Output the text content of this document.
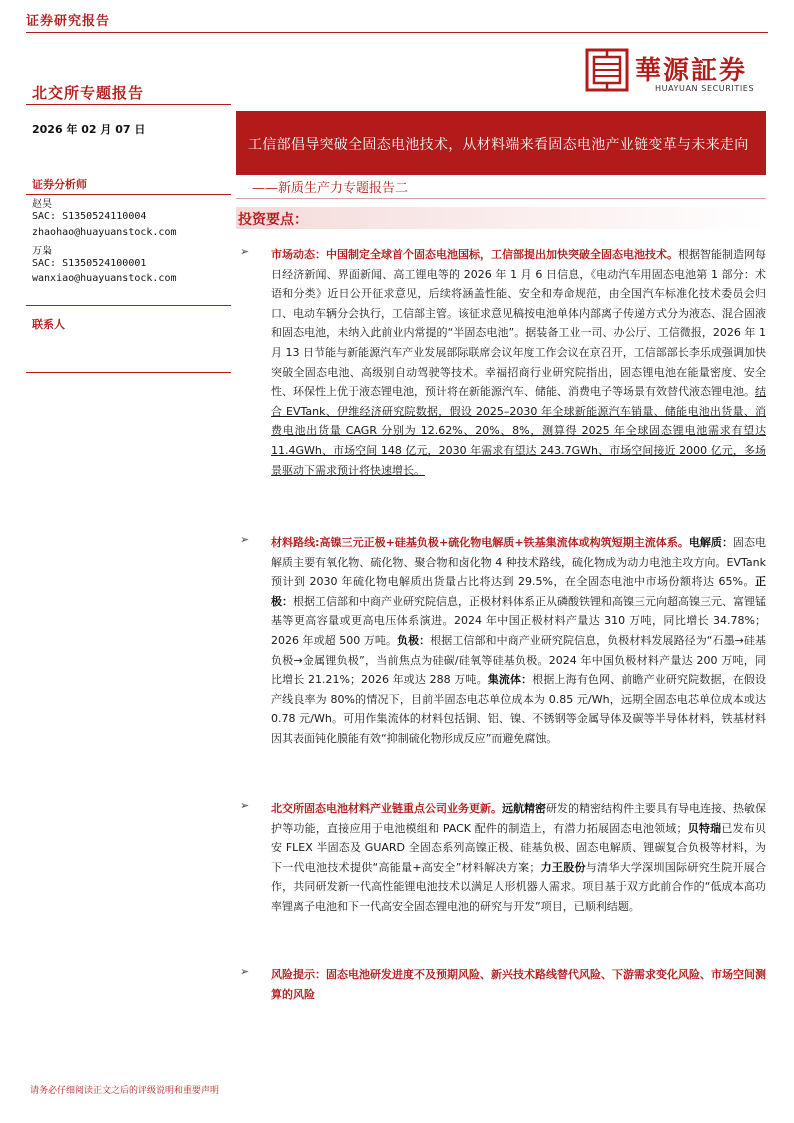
证券研究报告
華源証券
HUAYUAN SECURITIES
北交所专题报告
2026 年 02 月 07 日
工信部倡导突破全固态电池技术，从材料端来看固态电池产业链变革与未来走向
——新质生产力专题报告二
证券分析师
赵昊
SAC: S1350524110004
zhaohao@huayuanstock.com
万枭
SAC: S1350524100001
wanxiao@huayuanstock.com
联系人
投资要点：
➢ 市场动态：中国制定全球首个固态电池国标，工信部提出加快突破全固态电池技术。根据智能制造网每日经济新闻、界面新闻、高工锂电等的 2026 年 1 月 6 日信息，《电动汽车用固态电池第 1 部分：术语和分类》近日公开征求意见，后续将涵盖性能、安全和寿命规范，由全国汽车标准化技术委员会归口、电动车辆分会执行，工信部主管。该征求意见稿按电池单体内部离子传递方式分为液态、混合固液和固态电池，未纳入此前业内常提的“半固态电池”。据装备工业一司、办公厅、工信微报，2026 年 1 月 13 日节能与新能源汽车产业发展部际联席会议年度工作会议在京召开，工信部部长李乐成强调加快突破全固态电池、高级别自动驾驶等技术。幸福招商行业研究院指出，固态锂电池在能量密度、安全性、环保性上优于液态锂电池，预计将在新能源汽车、储能、消费电子等场景有效替代液态锂电池。结合 EVTank、伊维经济研究院数据，假设 2025–2030 年全球新能源汽车销量、储能电池出货量、消费电池出货量 CAGR 分别为 12.62%、20%、8%，测算得 2025 年全球固态锂电池需求有望达 11.4GWh、市场空间 148 亿元，2030 年需求有望达 243.7GWh、市场空间接近 2000 亿元，多场景驱动下需求预计将快速增长。
➢ 材料路线:高镍三元正极+硅基负极+硫化物电解质+铁基集流体或构筑短期主流体系。电解质：固态电解质主要有氧化物、硫化物、聚合物和卤化物 4 种技术路线，硫化物成为动力电池主攻方向。EVTank 预计到 2030 年硫化物电解质出货量占比将达到 29.5%，在全固态电池中市场份额将达 65%。正极：根据工信部和中商产业研究院信息，正极材料体系正从磷酸铁锂和高镍三元向超高镍三元、富锂锰基等更高容量或更高电压体系演进。2024 年中国正极材料产量达 310 万吨，同比增长 34.78%；2026 年或超 500 万吨。负极：根据工信部和中商产业研究院信息，负极材料发展路径为“石墨→硅基负极→金属锂负极”，当前焦点为硅碳/硅氧等硅基负极。2024 年中国负极材料产量达 200 万吨，同比增长 21.21%；2026 年或达 288 万吨。集流体：根据上海有色网、前瞻产业研究院数据，在假设产线良率为 80%的情况下，目前半固态电芯单位成本为 0.85 元/Wh，远期全固态电芯单位成本或达 0.78 元/Wh。可用作集流体的材料包括铜、铝、镍、不锈钢等金属导体及碳等半导体材料，铁基材料因其表面钝化膜能有效“抑制硫化物形成反应”而避免腐蚀。
➢ 北交所固态电池材料产业链重点公司业务更新。远航精密研发的精密结构件主要具有导电连接、热敏保护等功能，直接应用于电池模组和 PACK 配件的制造上，有潜力拓展固态电池领域；贝特瑞已发布贝安 FLEX 半固态及 GUARD 全固态系列高镍正极、硅基负极、固态电解质、锂碳复合负极等材料，为下一代电池技术提供“高能量+高安全”材料解决方案；力王股份与清华大学深圳国际研究生院开展合作，共同研发新一代高性能锂电池技术以满足人形机器人需求。项目基于双方此前合作的“低成本高功率锂离子电池和下一代高安全固态锂电池的研究与开发”项目，已顺利结题。
➢ 风险提示：固态电池研发进度不及预期风险、新兴技术路线替代风险、下游需求变化风险、市场空间测算的风险
请务必仔细阅读正文之后的评级说明和重要声明
